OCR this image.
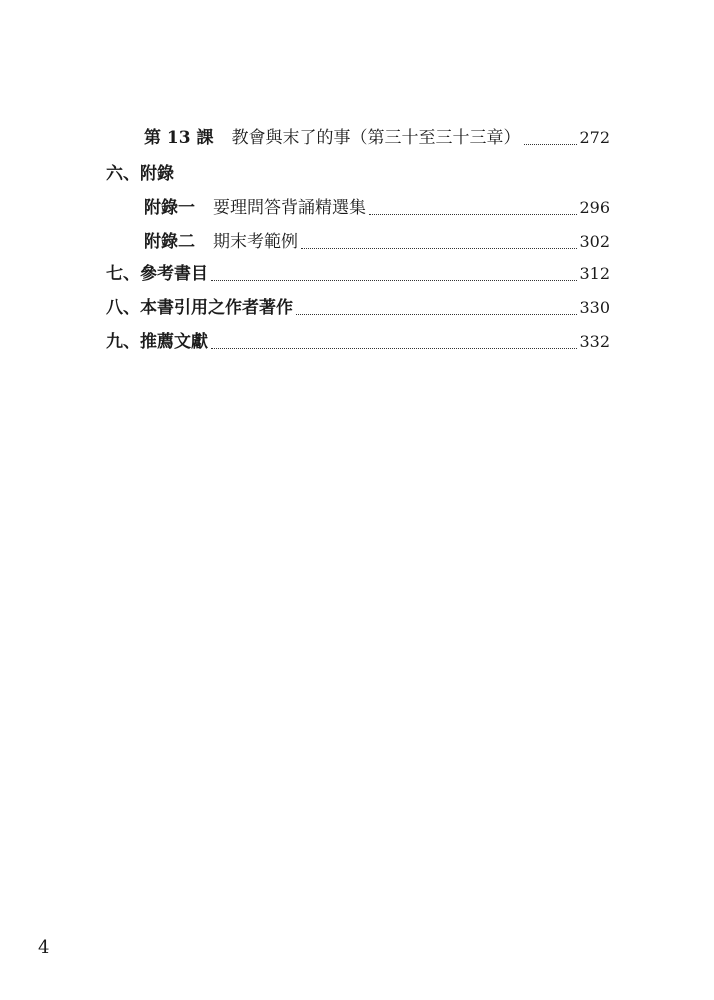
第 13 課 教會與末了的事（第三十至三十三章）	272
六、附錄
附錄一 要理問答背誦精選集	296
附錄二 期末考範例	302
七、參考書目	312
八、本書引用之作者著作	330
九、推薦文獻	332
4
